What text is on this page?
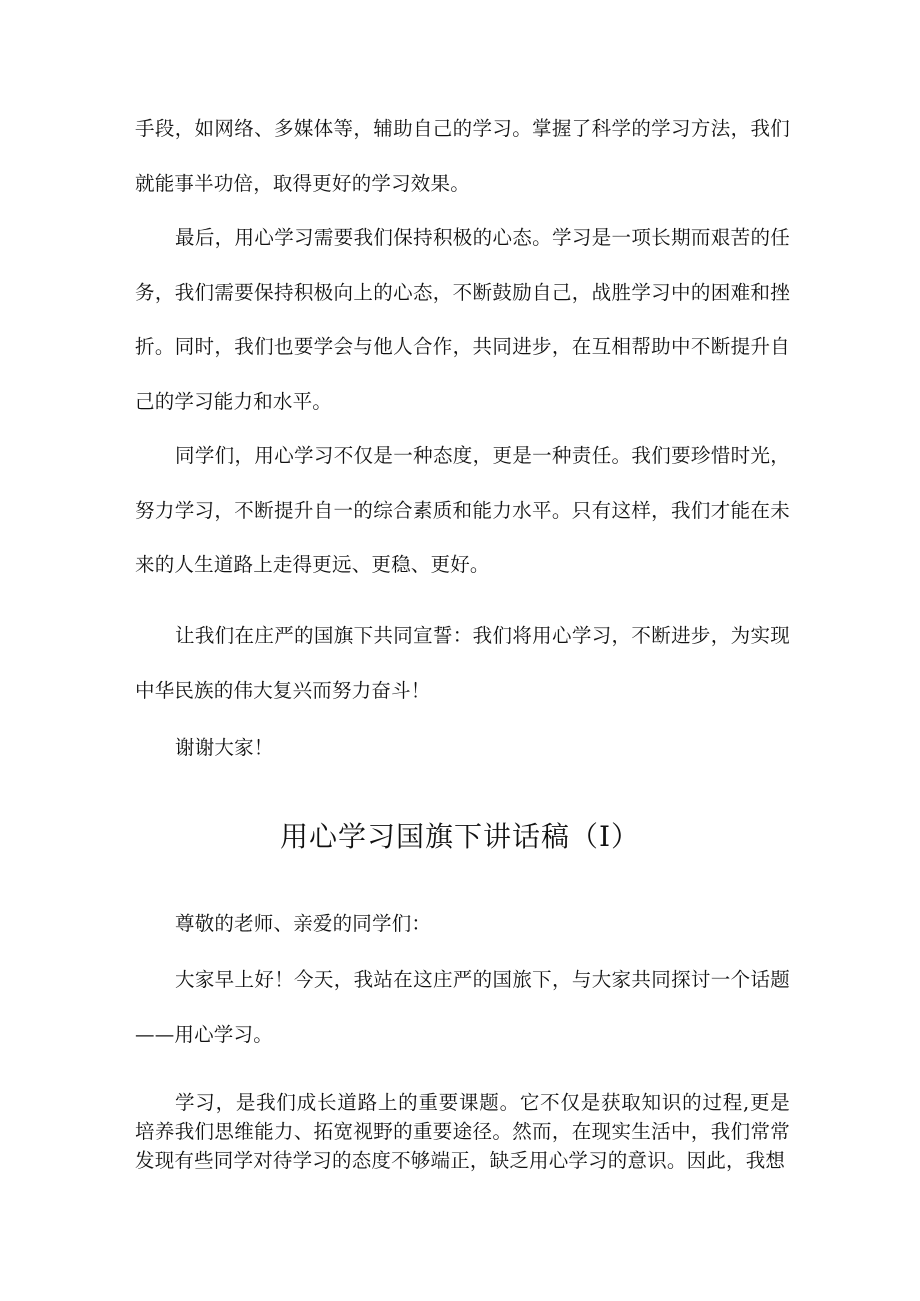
手段，如网络、多媒体等，辅助自己的学习。掌握了科学的学习方法，我们就能事半功倍，取得更好的学习效果。

最后，用心学习需要我们保持积极的心态。学习是一项长期而艰苦的任务，我们需要保持积极向上的心态，不断鼓励自己，战胜学习中的困难和挫折。同时，我们也要学会与他人合作，共同进步，在互相帮助中不断提升自己的学习能力和水平。

同学们，用心学习不仅是一种态度，更是一种责任。我们要珍惜时光，努力学习，不断提升自一的综合素质和能力水平。只有这样，我们才能在未来的人生道路上走得更远、更稳、更好。

让我们在庄严的国旗下共同宣誓：我们将用心学习，不断进步，为实现中华民族的伟大复兴而努力奋斗！

谢谢大家！

用心学习国旗下讲话稿（I）

尊敬的老师、亲爱的同学们：

大家早上好！今天，我站在这庄严的国旅下，与大家共同探讨一个话题——用心学习。

学习，是我们成长道路上的重要课题。它不仅是获取知识的过程,更是培养我们思维能力、拓宽视野的重要途径。然而，在现实生活中，我们常常发现有些同学对待学习的态度不够端正，缺乏用心学习的意识。因此，我想
